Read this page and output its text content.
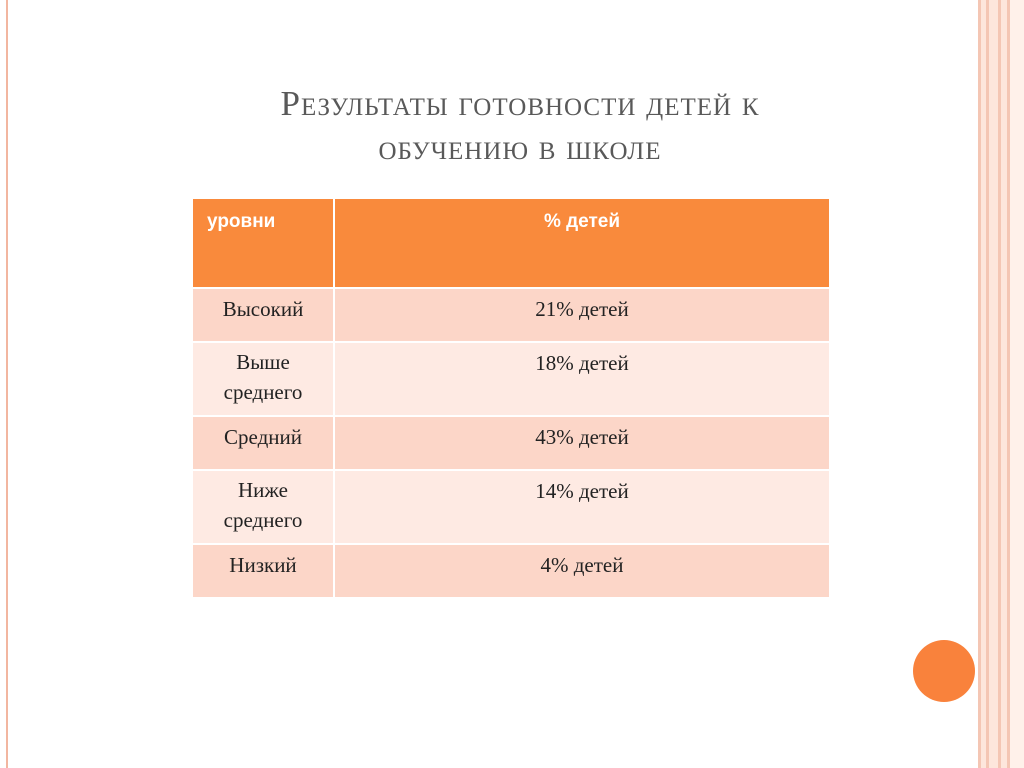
Результаты готовности детей к
обучению в школе
уровни	% детей
Высокий	21% детей
Выше среднего	18% детей
Средний	43% детей
Ниже среднего	14% детей
Низкий	4% детей
